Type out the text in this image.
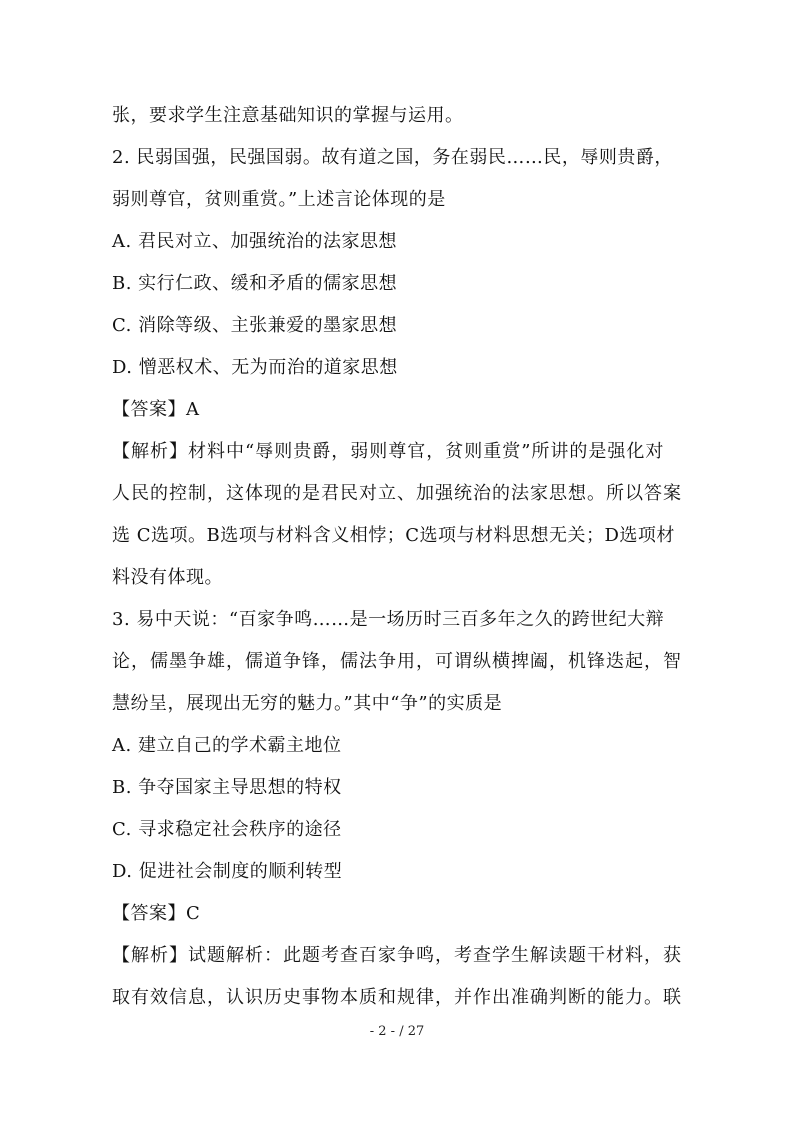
张，要求学生注意基础知识的掌握与运用。
2. 民弱国强，民强国弱。故有道之国，务在弱民……民，辱则贵爵，
弱则尊官，贫则重赏。”上述言论体现的是
A. 君民对立、加强统治的法家思想
B. 实行仁政、缓和矛盾的儒家思想
C. 消除等级、主张兼爱的墨家思想
D. 憎恶权术、无为而治的道家思想
【答案】A
【解析】材料中“辱则贵爵，弱则尊官，贫则重赏”所讲的是强化对
人民的控制，这体现的是君民对立、加强统治的法家思想。所以答案
选 C选项。B选项与材料含义相悖；C选项与材料思想无关；D选项材
料没有体现。
3. 易中天说：“百家争鸣……是一场历时三百多年之久的跨世纪大辩
论，儒墨争雄，儒道争锋，儒法争用，可谓纵横捭阖，机锋迭起，智
慧纷呈，展现出无穷的魅力。”其中“争”的实质是
A. 建立自己的学术霸主地位
B. 争夺国家主导思想的特权
C. 寻求稳定社会秩序的途径
D. 促进社会制度的顺利转型
【答案】C
【解析】试题解析：此题考查百家争鸣，考查学生解读题干材料，获
取有效信息，认识历史事物本质和规律，并作出准确判断的能力。联
- 2 - / 27
